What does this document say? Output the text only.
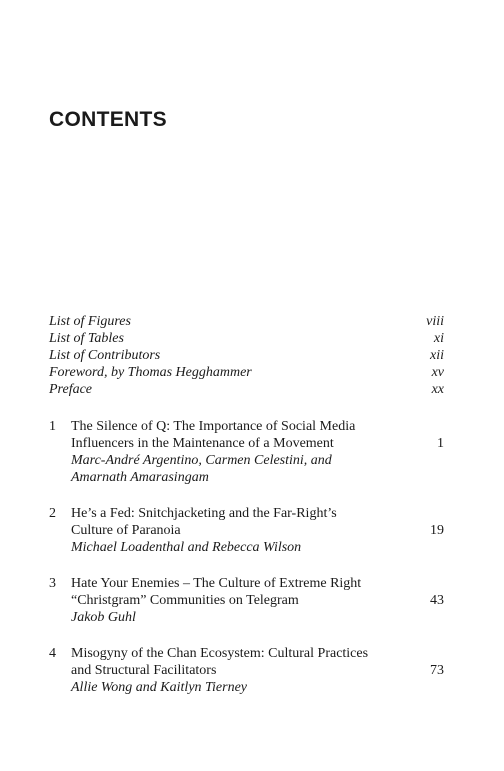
CONTENTS
List of Figures	viii
List of Tables	xi
List of Contributors	xii
Foreword, by Thomas Hegghammer	xv
Preface	xx
1	The Silence of Q: The Importance of Social Media
Influencers in the Maintenance of a Movement	1
Marc-André Argentino, Carmen Celestini, and
Amarnath Amarasingam
2	He’s a Fed: Snitchjacketing and the Far-Right’s
Culture of Paranoia	19
Michael Loadenthal and Rebecca Wilson
3	Hate Your Enemies – The Culture of Extreme Right
“Christgram” Communities on Telegram	43
Jakob Guhl
4	Misogyny of the Chan Ecosystem: Cultural Practices
and Structural Facilitators	73
Allie Wong and Kaitlyn Tierney
